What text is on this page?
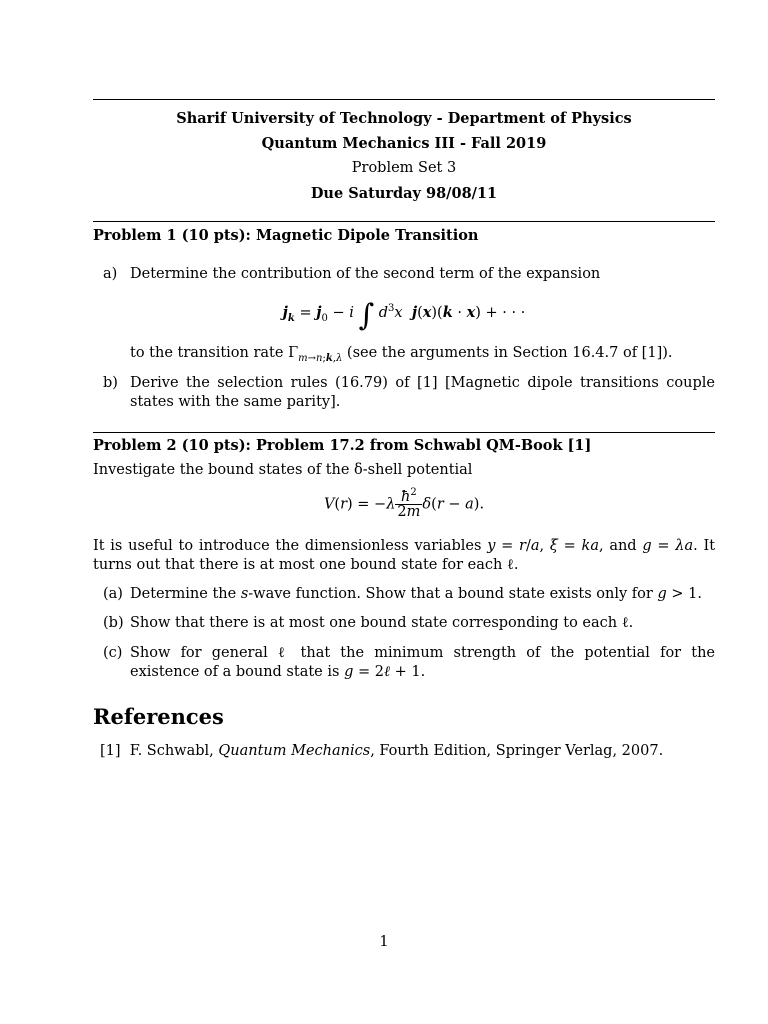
Sharif University of Technology - Department of Physics
Quantum Mechanics III - Fall 2019
Problem Set 3
Due Saturday 98/08/11
Problem 1 (10 pts): Magnetic Dipole Transition
a) Determine the contribution of the second term of the expansion
$j_k = j_0 - i$ ∫ $d^3x$ j(x)(k · x) + · · ·
to the transition rate $\Gamma_{m\to n;k,\lambda}$ (see the arguments in Section 16.4.7 of [1]).
b) Derive the selection rules (16.79) of [1] [Magnetic dipole transitions couple states with the same parity].
Problem 2 (10 pts): Problem 17.2 from Schwabl QM-Book [1]
Investigate the bound states of the δ-shell potential
$V(r) = -\lambda \frac{ħ^2}{2m} \delta(r - a)$.
It is useful to introduce the dimensionless variables y = r/a, ξ = ka, and g = λa. It turns out that there is at most one bound state for each ℓ.
(a) Determine the s-wave function. Show that a bound state exists only for g > 1.
(b) Show that there is at most one bound state corresponding to each ℓ.
(c) Show for general ℓ that the minimum strength of the potential for the existence of a bound state is g = 2ℓ + 1.
References
[1] F. Schwabl, Quantum Mechanics, Fourth Edition, Springer Verlag, 2007.
1
